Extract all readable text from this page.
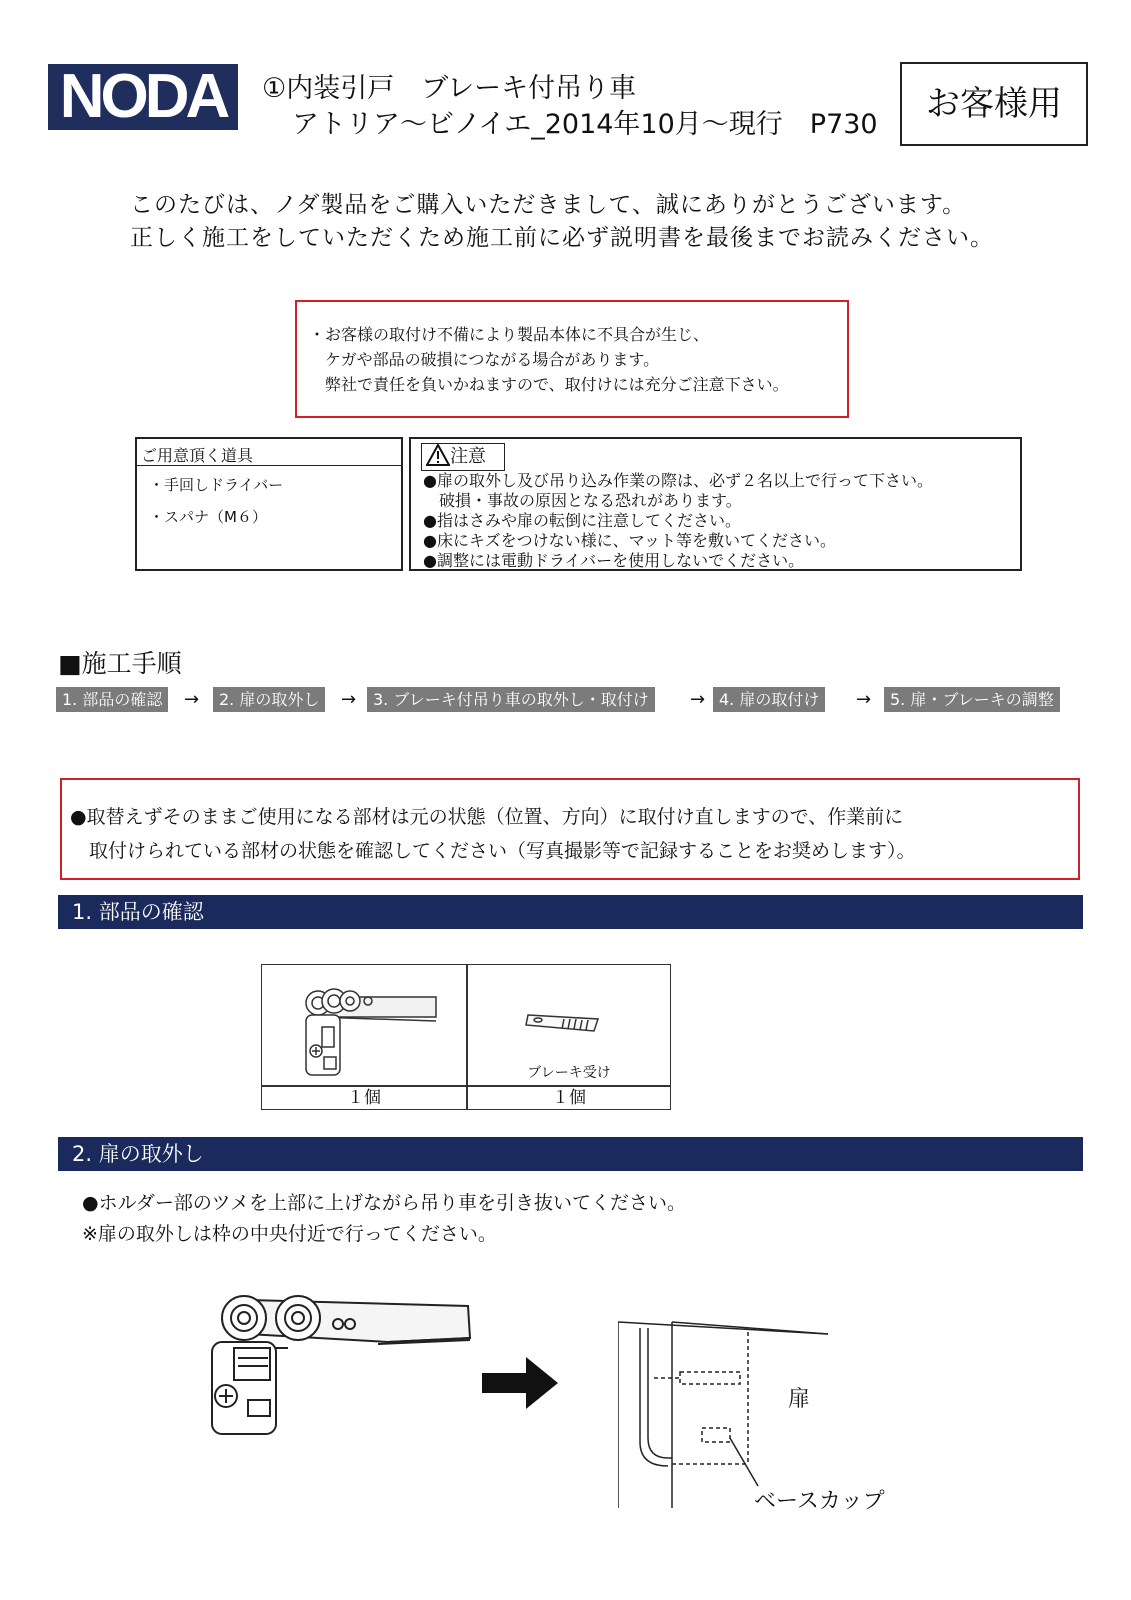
NODA	①内装引戸　ブレーキ付吊り車
アトリア～ビノイエ_2014年10月～現行　P730
お客様用
このたびは、ノダ製品をご購入いただきまして、誠にありがとうございます。
正しく施工をしていただくため施工前に必ず説明書を最後までお読みください。
・お客様の取付け不備により製品本体に不具合が生じ、
　ケガや部品の破損につながる場合があります。
　弊社で責任を負いかねますので、取付けには充分ご注意下さい。
ご用意頂く道具
・手回しドライバー
・スパナ（M６）
注意
●扉の取外し及び吊り込み作業の際は、必ず２名以上で行って下さい。
　破損・事故の原因となる恐れがあります。
●指はさみや扉の転倒に注意してください。
●床にキズをつけない様に、マット等を敷いてください。
●調整には電動ドライバーを使用しないでください。
■施工手順
1. 部品の確認	→	2. 扉の取外し	→	3. ブレーキ付吊り車の取外し・取付け	→ 4. 扉の取付け	→	5. 扉・ブレーキの調整
●取替えずそのままご使用になる部材は元の状態（位置、方向）に取付け直しますので、作業前に
　取付けられている部材の状態を確認してください（写真撮影等で記録することをお奨めします）。
1. 部品の確認
ブレーキ受け
１個	１個
2. 扉の取外し
●ホルダー部のツメを上部に上げながら吊り車を引き抜いてください。
※扉の取外しは枠の中央付近で行ってください。
扉
ベースカップ
